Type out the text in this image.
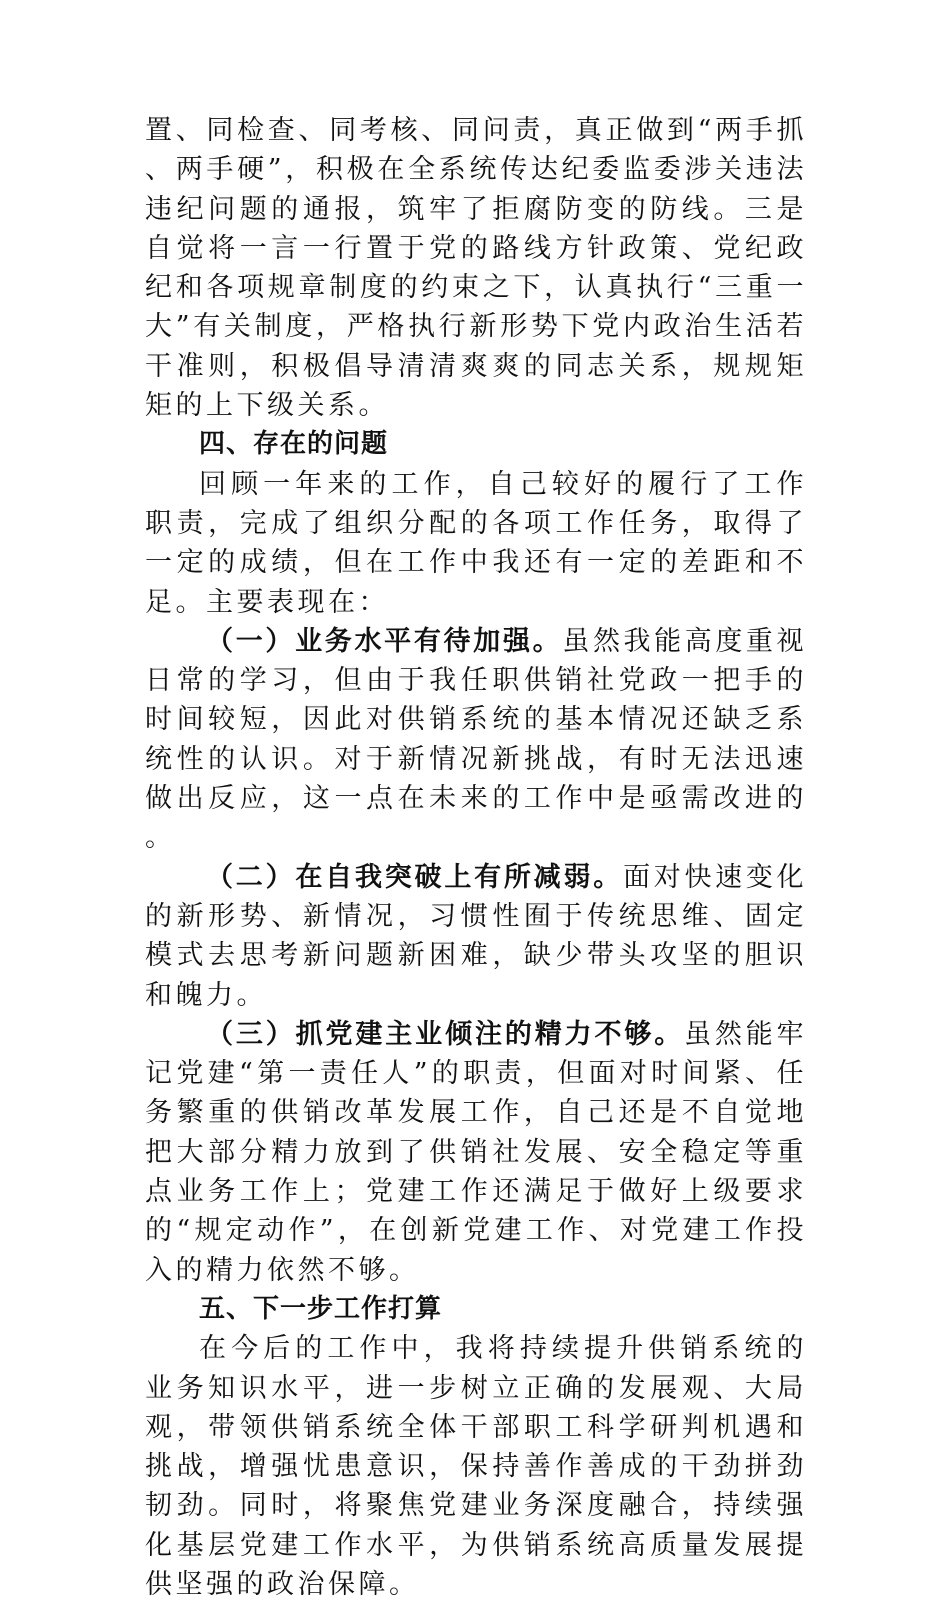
置、同检查、同考核、同问责，真正做到“两手抓、两手硬”，积极在全系统传达纪委监委涉关违法违纪问题的通报，筑牢了拒腐防变的防线。三是自觉将一言一行置于党的路线方针政策、党纪政纪和各项规章制度的约束之下，认真执行“三重一大”有关制度，严格执行新形势下党内政治生活若干准则，积极倡导清清爽爽的同志关系，规规矩矩的上下级关系。

四、存在的问题

回顾一年来的工作，自己较好的履行了工作职责，完成了组织分配的各项工作任务，取得了一定的成绩，但在工作中我还有一定的差距和不足。主要表现在：

（一）业务水平有待加强。虽然我能高度重视日常的学习，但由于我任职供销社党政一把手的时间较短，因此对供销系统的基本情况还缺乏系统性的认识。对于新情况新挑战，有时无法迅速做出反应，这一点在未来的工作中是亟需改进的。

（二）在自我突破上有所减弱。面对快速变化的新形势、新情况，习惯性囿于传统思维、固定模式去思考新问题新困难，缺少带头攻坚的胆识和魄力。

（三）抓党建主业倾注的精力不够。虽然能牢记党建“第一责任人”的职责，但面对时间紧、任务繁重的供销改革发展工作，自己还是不自觉地把大部分精力放到了供销社发展、安全稳定等重点业务工作上；党建工作还满足于做好上级要求的“规定动作”，在创新党建工作、对党建工作投入的精力依然不够。

五、下一步工作打算

在今后的工作中，我将持续提升供销系统的业务知识水平，进一步树立正确的发展观、大局观，带领供销系统全体干部职工科学研判机遇和挑战，增强忧患意识，保持善作善成的干劲拼劲韧劲。同时，将聚焦党建业务深度融合，持续强化基层党建工作水平，为供销系统高质量发展提供坚强的政治保障。
